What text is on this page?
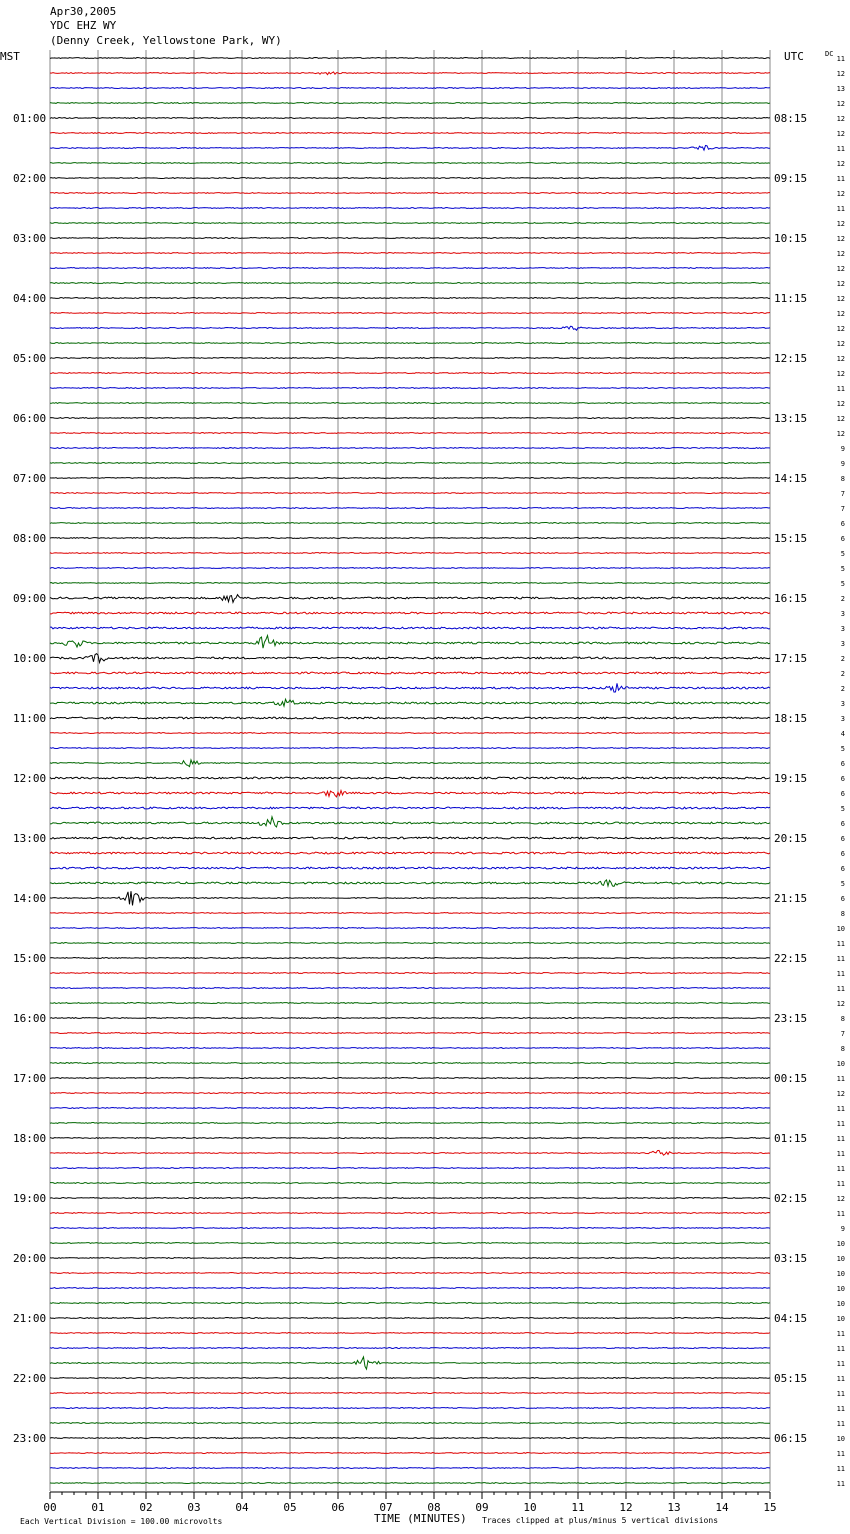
Apr30,2005
YDC EHZ WY
(Denny Creek, Yellowstone Park, WY)
MST	UTC	DC
01:00
02:00
03:00
04:00
05:00
06:00
07:00
08:00
09:00
10:00
11:00
12:00
13:00
14:00
15:00
16:00
17:00
18:00
19:00
20:00
21:00
22:00
23:00
08:15
09:15
10:15
11:15
12:15
13:15
14:15
15:15
16:15
17:15
18:15
19:15
20:15
21:15
22:15
23:15
00:15
01:15
02:15
03:15
04:15
05:15
06:15
11
12
13
12
12
12
11
12
11
12
11
12
12
12
12
12
12
12
12
12
12
12
11
12
12
12
9
9
8
7
7
6
6
5
5
5
2
3
3
3
2
2
2
3
3
4
5
6
6
6
5
6
6
6
6
5
6
8
10
11
11
11
11
12
8
7
8
10
11
12
11
11
11
11
11
11
12
11
9
10
10
10
10
10
10
11
11
11
11
11
11
11
10
11
11
11
00	01	02	03	04	05	06	07	08	09	10	11	12	13	14	15
Each Vertical Division = 100.00 microvolts	TIME (MINUTES) Traces clipped at plus/minus 5 vertical divisions
